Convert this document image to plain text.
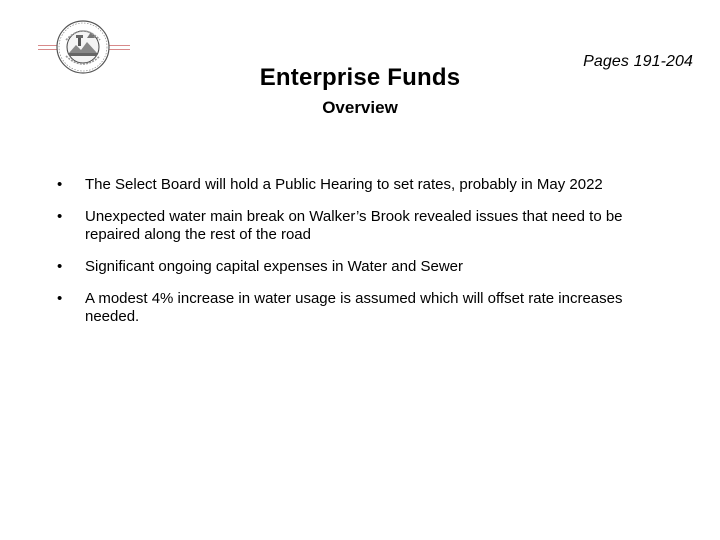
Pages 191-204
Enterprise Funds
Overview
•	The Select Board will hold a Public Hearing to set rates, probably in May 2022
•	Unexpected water main break on Walker’s Brook revealed issues that need to be repaired along the rest of the road
•	Significant ongoing capital expenses in Water and Sewer
•	A modest 4% increase in water usage is assumed which will offset rate increases needed.
